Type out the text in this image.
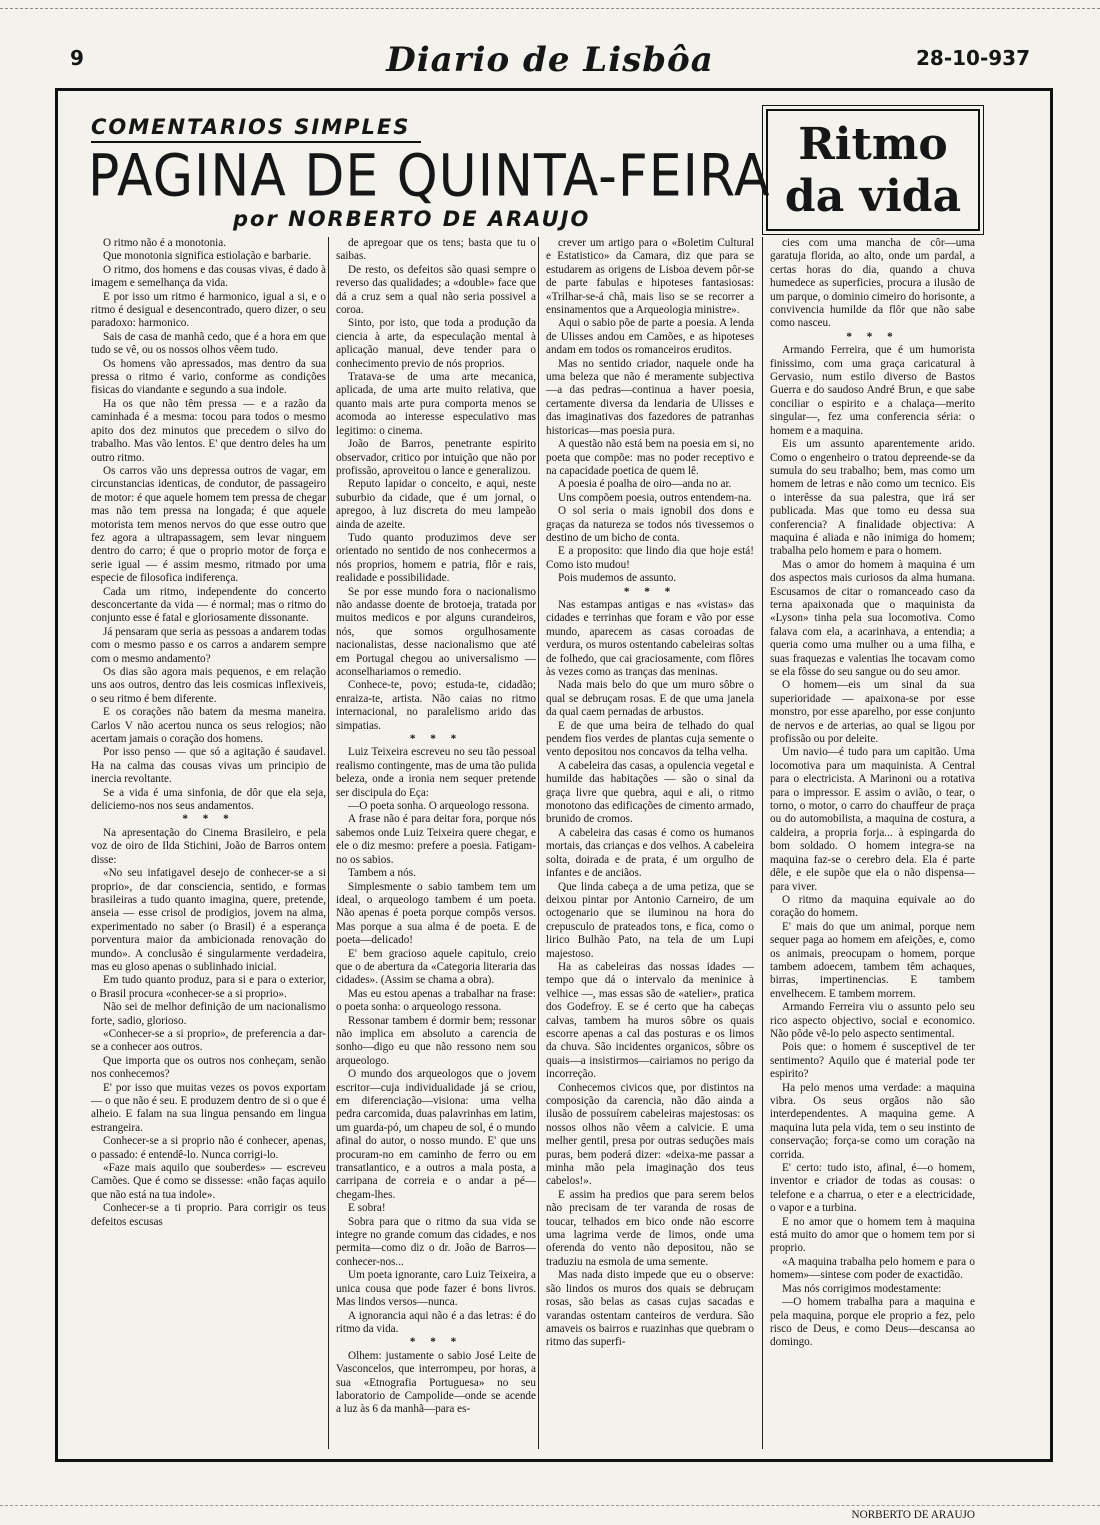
9	Diario de Lisbôa	28-10-937
COMENTARIOS SIMPLES
PAGINA DE QUINTA-FEIRA
por NORBERTO DE ARAUJO
Ritmo
da vida

O ritmo não é a monotonia.

Que monotonia significa estiolação e barbarie.

O ritmo, dos homens e das cousas vivas, é dado à imagem e semelhança da vida.

E por isso um ritmo é harmonico, igual a si, e o ritmo é desigual e desencontrado, quero dizer, o seu paradoxo: harmonico.

Sais de casa de manhã cedo, que é a hora em que tudo se vê, ou os nossos olhos vêem tudo.

Os homens vão apressados, mas dentro da sua pressa o ritmo é vario, conforme as condições fisicas do viandante e segundo a sua indole.

Ha os que não têm pressa — e a razão da caminhada é a mesma: tocou para todos o mesmo apito dos dez minutos que precedem o silvo do trabalho. Mas vão lentos. E' que dentro deles ha um outro ritmo.

Os carros vão uns depressa outros de vagar, em circunstancias identicas, de condutor, de passageiro de motor: é que aquele homem tem pressa de chegar mas não tem pressa na longada; é que aquele motorista tem menos nervos do que esse outro que fez agora a ultrapassagem, sem levar ninguem dentro do carro; é que o proprio motor de força e serie igual — é assim mesmo, ritmado por uma especie de filosofica indiferença.

Cada um ritmo, independente do concerto desconcertante da vida — é normal; mas o ritmo do conjunto esse é fatal e gloriosamente dissonante.

Já pensaram que seria as pessoas a andarem todas com o mesmo passo e os carros a andarem sempre com o mesmo andamento?

Os dias são agora mais pequenos, e em relação uns aos outros, dentro das leis cosmicas inflexiveis, o seu ritmo é bem diferente.

E os corações não batem da mesma maneira. Carlos V não acertou nunca os seus relogios; não acertam jamais o coração dos homens.

Por isso penso — que só a agitação é saudavel. Ha na calma das cousas vivas um principio de inercia revoltante.

Se a vida é uma sinfonia, de dôr que ela seja, deliciemo-nos nos seus andamentos.

* * *

Na apresentação do Cinema Brasileiro, e pela voz de oiro de Ilda Stichini, João de Barros ontem disse:

«No seu infatigavel desejo de conhecer-se a si proprio», de dar consciencia, sentido, e formas brasileiras a tudo quanto imagina, quere, pretende, anseia — esse crisol de prodigios, jovem na alma, experimentado no saber (o Brasil) é a esperança porventura maior da ambicionada renovação do mundo». A conclusão é singularmente verdadeira, mas eu gloso apenas o sublinhado inicial.

Em tudo quanto produz, para si e para o exterior, o Brasil procura «conhecer-se a si proprio».

Não sei de melhor definição de um nacionalismo forte, sadio, glorioso.

«Conhecer-se a si proprio», de preferencia a dar-se a conhecer aos outros.

Que importa que os outros nos conheçam, senão nos conhecemos?

E' por isso que muitas vezes os povos exportam — o que não é seu. E produzem dentro de si o que é alheio. E falam na sua lingua pensando em lingua estrangeira.

Conhecer-se a si proprio não é conhecer, apenas, o passado: é entendê-lo. Nunca corrigi-lo.

«Faze mais aquilo que souberdes» — escreveu Camões. Que é como se dissesse: «não faças aquilo que não está na tua indole».

Conhecer-se a ti proprio. Para corrigir os teus defeitos escusas

de apregoar que os tens; basta que tu o saibas.

De resto, os defeitos são quasi sempre o reverso das qualidades; a «double» face que dá a cruz sem a qual não seria possivel a coroa.

Sinto, por isto, que toda a produção da ciencia à arte, da especulação mental à aplicação manual, deve tender para o conhecimento previo de nós proprios.

Tratava-se de uma arte mecanica, aplicada, de uma arte muito relativa, que quanto mais arte pura comporta menos se acomoda ao interesse especulativo mas legitimo: o cinema.

João de Barros, penetrante espirito observador, critico por intuição que não por profissão, aproveitou o lance e generalizou.

Reputo lapidar o conceito, e aqui, neste suburbio da cidade, que é um jornal, o apregoo, à luz discreta do meu lampeão ainda de azeite.

Tudo quanto produzimos deve ser orientado no sentido de nos conhecermos a nós proprios, homem e patria, flôr e rais, realidade e possibilidade.

Se por esse mundo fora o nacionalismo não andasse doente de brotoeja, tratada por muitos medicos e por alguns curandeiros, nós, que somos orgulhosamente nacionalistas, desse nacionalismo que até em Portugal chegou ao universalismo — aconselhariamos o remedio.

Conhece-te, povo; estuda-te, cidadão; enraiza-te, artista. Não caias no ritmo internacional, no paralelismo arido das simpatias.

* * *

Luiz Teixeira escreveu no seu tão pessoal realismo contingente, mas de uma tão pulida beleza, onde a ironia nem sequer pretende ser discipula do Eça:

—O poeta sonha. O arqueologo ressona.

A frase não é para deitar fora, porque nós sabemos onde Luiz Teixeira quere chegar, e ele o diz mesmo: prefere a poesia. Fatigam-no os sabios.

Tambem a nós.

Simplesmente o sabio tambem tem um ideal, o arqueologo tambem é um poeta. Não apenas é poeta porque compôs versos. Mas porque a sua alma é de poeta. E de poeta—delicado!

E' bem gracioso aquele capitulo, creio que o de abertura da «Categoria literaria das cidades». (Assim se chama a obra).

Mas eu estou apenas a trabalhar na frase: o poeta sonha: o arqueologo ressona.

Ressonar tambem é dormir bem; ressonar não implica em absoluto a carencia de sonho—digo eu que não ressono nem sou arqueologo.

O mundo dos arqueologos que o jovem escritor—cuja individualidade já se criou, em diferenciação—visiona: uma velha pedra carcomida, duas palavrinhas em latim, um guarda-pó, um chapeu de sol, é o mundo afinal do autor, o nosso mundo. E' que uns procuram-no em caminho de ferro ou em transatlantico, e a outros a mala posta, a carripana de correia e o andar a pé—chegam-lhes.

E sobra!

Sobra para que o ritmo da sua vida se integre no grande comum das cidades, e nos permita—como diz o dr. João de Barros—conhecer-nos...

Um poeta ignorante, caro Luiz Teixeira, a unica cousa que pode fazer é bons livros. Mas lindos versos—nunca.

A ignorancia aqui não é a das letras: é do ritmo da vida.

* * *

Olhem: justamente o sabio José Leite de Vasconcelos, que interrompeu, por horas, a sua «Etnografia Portuguesa» no seu laboratorio de Campolide—onde se acende a luz às 6 da manhã—para es-

crever um artigo para o «Boletim Cultural e Estatistico» da Camara, diz que para se estudarem as origens de Lisboa devem pôr-se de parte fabulas e hipoteses fantasiosas: «Trilhar-se-á chã, mais liso se se recorrer a ensinamentos que a Arqueologia ministre».

Aqui o sabio põe de parte a poesia. A lenda de Ulisses andou em Camões, e as hipoteses andam em todos os romanceiros eruditos.

Mas no sentido criador, naquele onde ha uma beleza que não é meramente subjectiva—a das pedras—continua a haver poesia, certamente diversa da lendaria de Ulisses e das imaginativas dos fazedores de patranhas historicas—mas poesia pura.

A questão não está bem na poesia em si, no poeta que compõe: mas no poder receptivo e na capacidade poetica de quem lê.

A poesia é poalha de oiro—anda no ar.

Uns compõem poesia, outros entendem-na.

O sol seria o mais ignobil dos dons e graças da natureza se todos nós tivessemos o destino de um bicho de conta.

E a proposito: que lindo dia que hoje está! Como isto mudou!

Pois mudemos de assunto.

* * *

Nas estampas antigas e nas «vistas» das cidades e terrinhas que foram e vão por esse mundo, aparecem as casas coroadas de verdura, os muros ostentando cabeleiras soltas de folhedo, que cai graciosamente, com flôres às vezes como as tranças das meninas.

Nada mais belo do que um muro sôbre o qual se debruçam rosas. E de que uma janela da qual caem pernadas de arbustos.

E de que uma beira de telhado do qual pendem fios verdes de plantas cuja semente o vento depositou nos concavos da telha velha.

A cabeleira das casas, a opulencia vegetal e humilde das habitações — são o sinal da graça livre que quebra, aqui e ali, o ritmo monotono das edificações de cimento armado, brunido de cromos.

A cabeleira das casas é como os humanos mortais, das crianças e dos velhos. A cabeleira solta, doirada e de prata, é um orgulho de infantes e de anciãos.

Que linda cabeça a de uma petiza, que se deixou pintar por Antonio Carneiro, de um octogenario que se iluminou na hora do crepusculo de prateados tons, e fica, como o lirico Bulhão Pato, na tela de um Lupi majestoso.

Ha as cabeleiras das nossas idades — tempo que dá o intervalo da meninice à velhice —, mas essas são de «atelier», pratica dos Godefroy. E se é certo que ha cabeças calvas, tambem ha muros sôbre os quais escorre apenas a cal das posturas e os limos da chuva. São incidentes organicos, sôbre os quais—a insistirmos—cairiamos no perigo da incorreção.

Conhecemos civicos que, por distintos na composição da carencia, não dão ainda a ilusão de possuírem cabeleiras majestosas: os nossos olhos não vêem a calvicie. E uma melher gentil, presa por outras seduções mais puras, bem poderá dizer: «deixa-me passar a minha mão pela imaginação dos teus cabelos!».

E assim ha predios que para serem belos não precisam de ter varanda de rosas de toucar, telhados em bico onde não escorre uma lagrima verde de limos, onde uma oferenda do vento não depositou, não se traduziu na esmola de uma semente.

Mas nada disto impede que eu o observe: são lindos os muros dos quais se debruçam rosas, são belas as casas cujas sacadas e varandas ostentam canteiros de verdura. São amaveis os bairros e ruazinhas que quebram o ritmo das superfi-

cies com uma mancha de côr—uma garatuja florida, ao alto, onde um pardal, a certas horas do dia, quando a chuva humedece as superficies, procura a ilusão de um parque, o dominio cimeiro do horisonte, a convivencia humilde da flôr que não sabe como nasceu.

* * *

Armando Ferreira, que é um humorista finissimo, com uma graça caricatural à Gervasio, num estilo diverso de Bastos Guerra e do saudoso André Brun, e que sabe conciliar o espirito e a chalaça—merito singular—, fez uma conferencia séria: o homem e a maquina.

Eis um assunto aparentemente arido. Como o engenheiro o tratou depreende-se da sumula do seu trabalho; bem, mas como um homem de letras e não como um tecnico. Eis o interêsse da sua palestra, que irá ser publicada. Mas que tomo eu dessa sua conferencia? A finalidade objectiva: A maquina é aliada e não inimiga do homem; trabalha pelo homem e para o homem.

Mas o amor do homem à maquina é um dos aspectos mais curiosos da alma humana. Escusamos de citar o romanceado caso da terna apaixonada que o maquinista da «Lyson» tinha pela sua locomotiva. Como falava com ela, a acarinhava, a entendia; a queria como uma mulher ou a uma filha, e suas fraquezas e valentias lhe tocavam como se ela fôsse do seu sangue ou do seu amor.

O homem—eis um sinal da sua superioridade — apaixona-se por esse monstro, por esse aparelho, por esse conjunto de nervos e de arterias, ao qual se ligou por profissão ou por deleite.

Um navio—é tudo para um capitão. Uma locomotiva para um maquinista. A Central para o electricista. A Marinoni ou a rotativa para o impressor. E assim o avião, o tear, o torno, o motor, o carro do chauffeur de praça ou do automobilista, a maquina de costura, a caldeira, a propria forja... à espingarda do bom soldado. O homem integra-se na maquina faz-se o cerebro dela. Ela é parte dêle, e ele supõe que ela o não dispensa—para viver.

O ritmo da maquina equivale ao do coração do homem.

E' mais do que um animal, porque nem sequer paga ao homem em afeições, e, como os animais, preocupam o homem, porque tambem adoecem, tambem têm achaques, birras, impertinencias. E tambem envelhecem. E tambem morrem.

Armando Ferreira viu o assunto pelo seu rico aspecto objectivo, social e economico. Não pôde vê-lo pelo aspecto sentimental.

Pois que: o homem é susceptivel de ter sentimento? Aquilo que é material pode ter espirito?

Ha pelo menos uma verdade: a maquina vibra. Os seus orgãos não são interdependentes. A maquina geme. A maquina luta pela vida, tem o seu instinto de conservação; força-se como um coração na corrida.

E' certo: tudo isto, afinal, é—o homem, inventor e criador de todas as cousas: o telefone e a charrua, o eter e a electricidade, o vapor e a turbina.

E no amor que o homem tem à maquina está muito do amor que o homem tem por si proprio.

«A maquina trabalha pelo homem e para o homem»—sintese com poder de exactidão.

Mas nós corrigimos modestamente:

—O homem trabalha para a maquina e pela maquina, porque ele proprio a fez, pelo risco de Deus, e como Deus—descansa ao domingo.

NORBERTO DE ARAUJO
